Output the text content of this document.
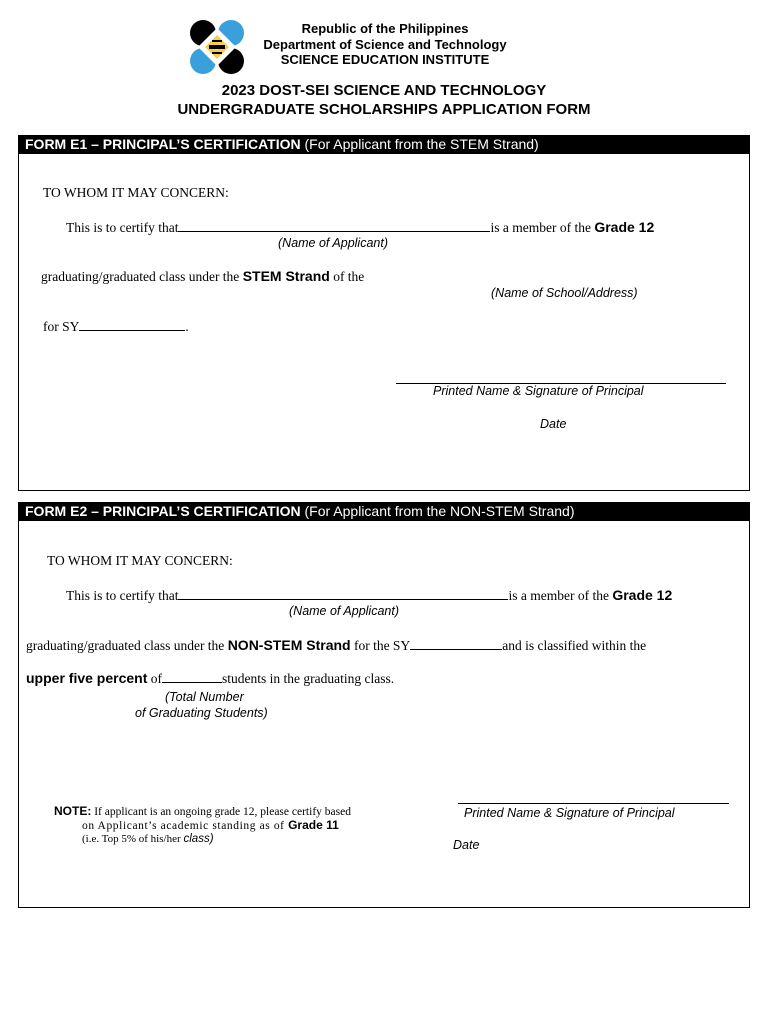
Republic of the Philippines
Department of Science and Technology
SCIENCE EDUCATION INSTITUTE
2023 DOST-SEI SCIENCE AND TECHNOLOGY
UNDERGRADUATE SCHOLARSHIPS APPLICATION FORM
FORM E1 – PRINCIPAL’S CERTIFICATION (For Applicant from the STEM Strand)
TO WHOM IT MAY CONCERN:
This is to certify that	is a member of the Grade 12
(Name of Applicant)
graduating/graduated class under the STEM Strand of the
(Name of School/Address)
for SY	.
Printed Name & Signature of Principal
Date
FORM E2 – PRINCIPAL’S CERTIFICATION (For Applicant from the NON-STEM Strand)
TO WHOM IT MAY CONCERN:
This is to certify that	is a member of the Grade 12
(Name of Applicant)
graduating/graduated class under the NON-STEM Strand for the SY	and is classified within the
upper five percent of	students in the graduating class.
(Total Number
of Graduating Students)
NOTE: If applicant is an ongoing grade 12, please certify based
on Applicant’s academic standing as of Grade 11
(i.e. Top 5% of his/her class)
Printed Name & Signature of Principal
Date
